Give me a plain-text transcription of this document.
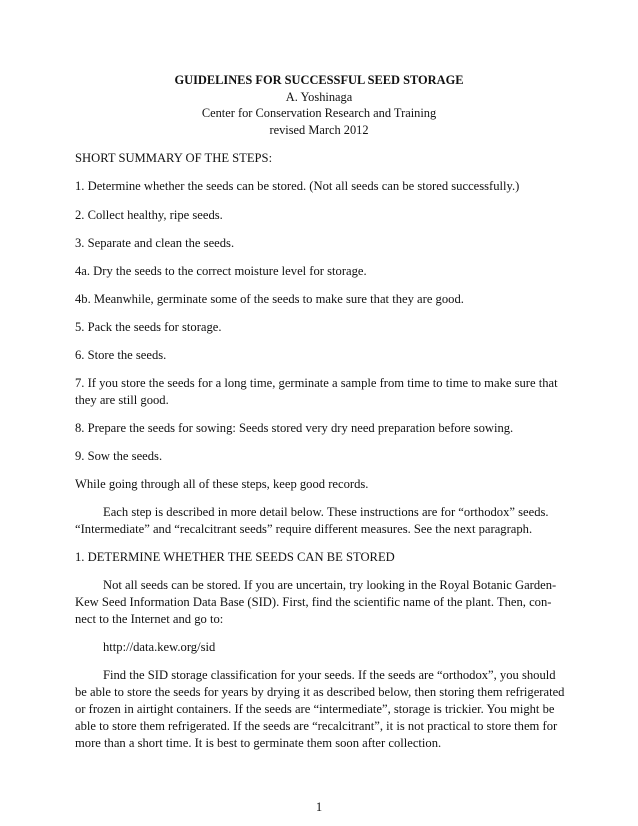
GUIDELINES FOR SUCCESSFUL SEED STORAGE
A. Yoshinaga
Center for Conservation Research and Training
revised March 2012
SHORT SUMMARY OF THE STEPS:
1. Determine whether the seeds can be stored. (Not all seeds can be stored successfully.)
2. Collect healthy, ripe seeds.
3. Separate and clean the seeds.
4a. Dry the seeds to the correct moisture level for storage.
4b. Meanwhile, germinate some of the seeds to make sure that they are good.
5. Pack the seeds for storage.
6. Store the seeds.
7. If you store the seeds for a long time, germinate a sample from time to time to make sure that
they are still good.
8. Prepare the seeds for sowing: Seeds stored very dry need preparation before sowing.
9. Sow the seeds.
While going through all of these steps, keep good records.
Each step is described in more detail below. These instructions are for “orthodox” seeds.
“Intermediate” and “recalcitrant seeds” require different measures. See the next paragraph.
1. DETERMINE WHETHER THE SEEDS CAN BE STORED
Not all seeds can be stored. If you are uncertain, try looking in the Royal Botanic Garden-
Kew Seed Information Data Base (SID). First, find the scientific name of the plant. Then, con-
nect to the Internet and go to:
http://data.kew.org/sid
Find the SID storage classification for your seeds. If the seeds are “orthodox”, you should
be able to store the seeds for years by drying it as described below, then storing them refrigerated
or frozen in airtight containers. If the seeds are “intermediate”, storage is trickier. You might be
able to store them refrigerated. If the seeds are “recalcitrant”, it is not practical to store them for
more than a short time. It is best to germinate them soon after collection.
1
